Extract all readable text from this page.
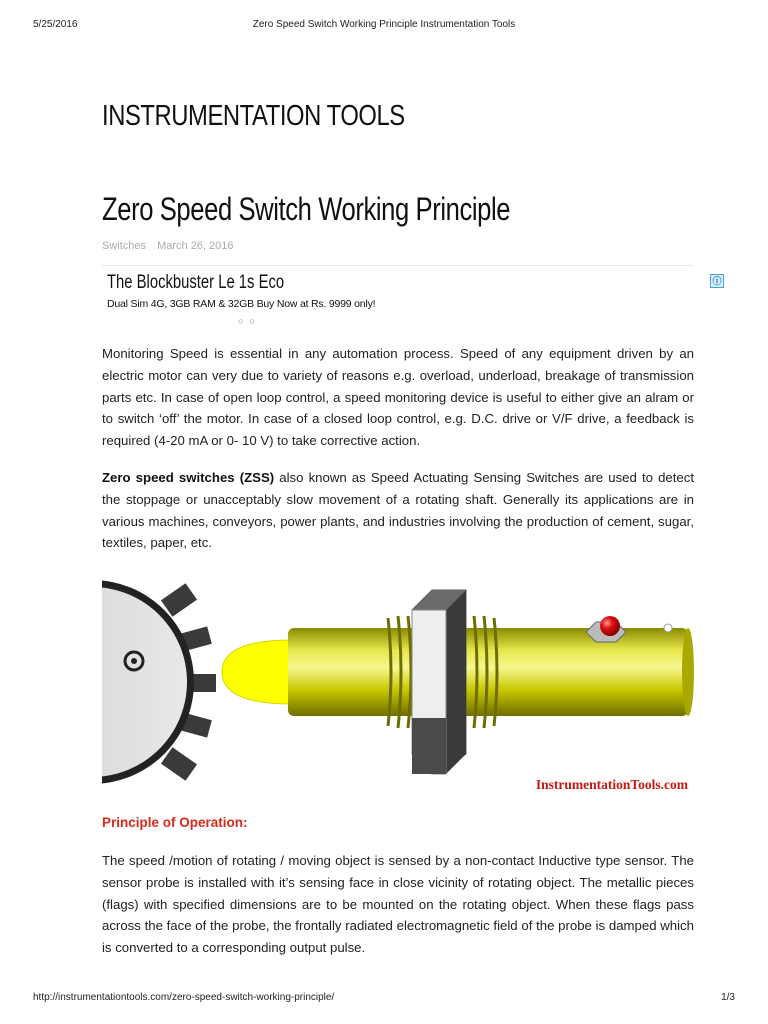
5/25/2016	Zero Speed Switch Working Principle Instrumentation Tools
INSTRUMENTATION TOOLS
Zero Speed Switch Working Principle
Switches March 26, 2016
The Blockbuster Le 1s Eco
Dual Sim 4G, 3GB RAM & 32GB Buy Now at Rs. 9999 only!
○○
ⓘ
Monitoring Speed is essential in any automation process. Speed of any equipment driven by an electric motor can very due to variety of reasons e.g. overload, underload, breakage of transmission parts etc. In case of open loop control, a speed monitoring device is useful to either give an alram or to switch ‘off’ the motor. In case of a closed loop control, e.g. D.C. drive or V/F drive, a feedback is required (4-20 mA or 0- 10 V) to take corrective action.
Zero speed switches (ZSS) also known as Speed Actuating Sensing Switches are used to detect the stoppage or unacceptably slow movement of a rotating shaft. Generally its applications are in various machines, conveyors, power plants, and industries involving the production of cement, sugar, textiles, paper, etc.
InstrumentationTools.com
Principle of Operation:
The speed /motion of rotating / moving object is sensed by a non-contact Inductive type sensor. The sensor probe is installed with it’s sensing face in close vicinity of rotating object. The metallic pieces (flags) with specified dimensions are to be mounted on the rotating object. When these flags pass across the face of the probe, the frontally radiated electromagnetic field of the probe is damped which is converted to a corresponding output pulse.
http://instrumentationtools.com/zero-speed-switch-working-principle/	1/3
